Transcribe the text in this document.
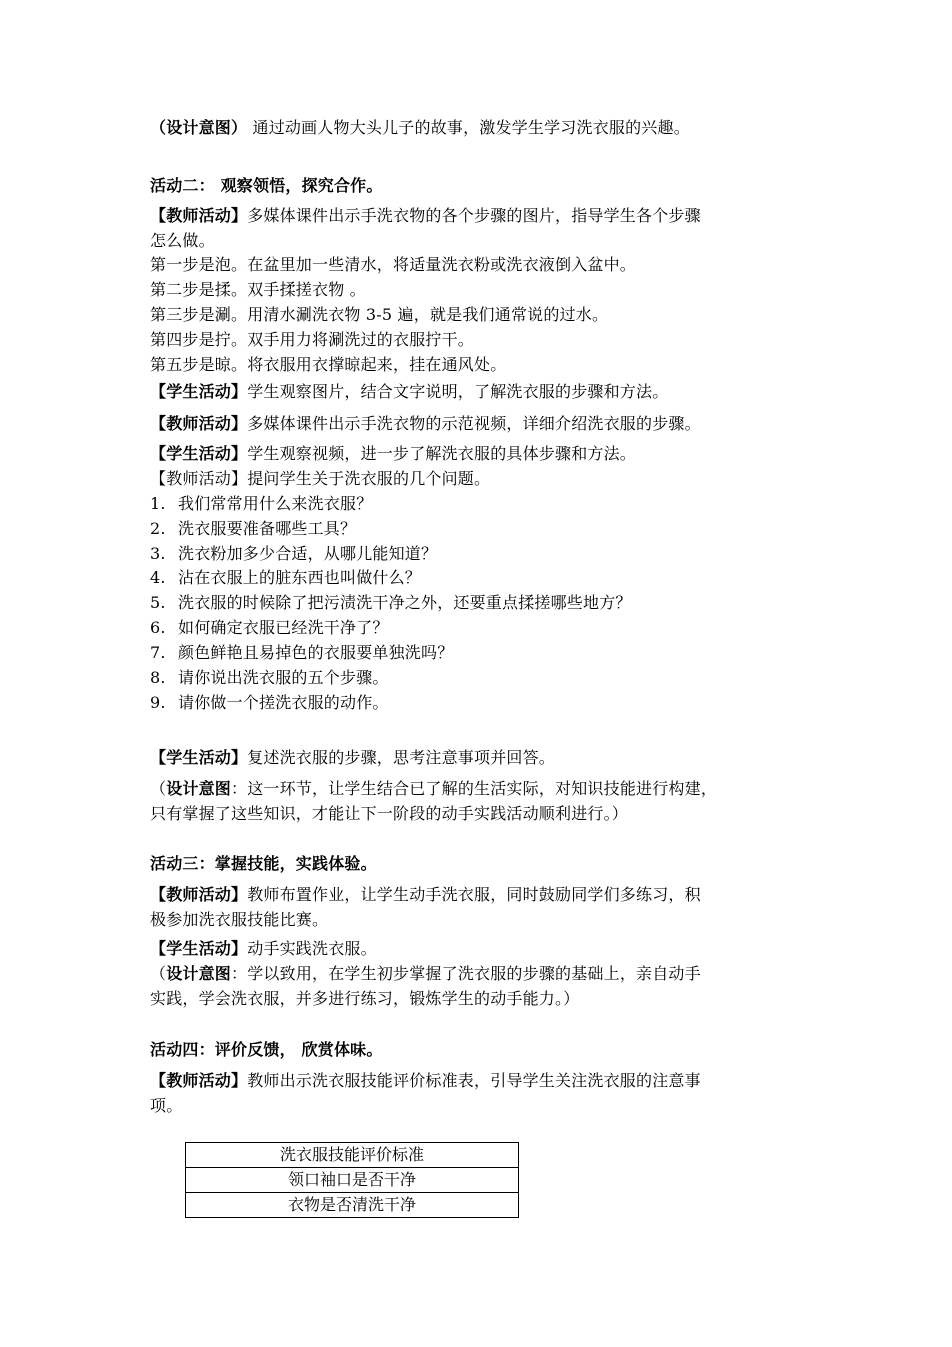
（设计意图） 通过动画人物大头儿子的故事，激发学生学习洗衣服的兴趣。
活动二： 观察领悟，探究合作。
【教师活动】多媒体课件出示手洗衣物的各个步骤的图片，指导学生各个步骤
怎么做。
第一步是泡。在盆里加一些清水，将适量洗衣粉或洗衣液倒入盆中。
第二步是揉。双手揉搓衣物 。
第三步是涮。用清水涮洗衣物 3-5 遍，就是我们通常说的过水。
第四步是拧。双手用力将涮洗过的衣服拧干。
第五步是晾。将衣服用衣撑晾起来，挂在通风处。
【学生活动】学生观察图片，结合文字说明，了解洗衣服的步骤和方法。
【教师活动】多媒体课件出示手洗衣物的示范视频，详细介绍洗衣服的步骤。
【学生活动】学生观察视频，进一步了解洗衣服的具体步骤和方法。
【教师活动】提问学生关于洗衣服的几个问题。
1. 我们常常用什么来洗衣服？
2. 洗衣服要准备哪些工具？
3. 洗衣粉加多少合适，从哪儿能知道？
4. 沾在衣服上的脏东西也叫做什么？
5. 洗衣服的时候除了把污渍洗干净之外，还要重点揉搓哪些地方？
6. 如何确定衣服已经洗干净了？
7. 颜色鲜艳且易掉色的衣服要单独洗吗？
8. 请你说出洗衣服的五个步骤。
9. 请你做一个搓洗衣服的动作。
【学生活动】复述洗衣服的步骤，思考注意事项并回答。
（设计意图：这一环节，让学生结合已了解的生活实际，对知识技能进行构建，
只有掌握了这些知识，才能让下一阶段的动手实践活动顺利进行。）
活动三：掌握技能，实践体验。
【教师活动】教师布置作业，让学生动手洗衣服，同时鼓励同学们多练习，积
极参加洗衣服技能比赛。
【学生活动】动手实践洗衣服。
（设计意图：学以致用，在学生初步掌握了洗衣服的步骤的基础上，亲自动手
实践，学会洗衣服，并多进行练习，锻炼学生的动手能力。）
活动四：评价反馈， 欣赏体味。
【教师活动】教师出示洗衣服技能评价标准表，引导学生关注洗衣服的注意事
项。
洗衣服技能评价标准
领口袖口是否干净
衣物是否清洗干净
